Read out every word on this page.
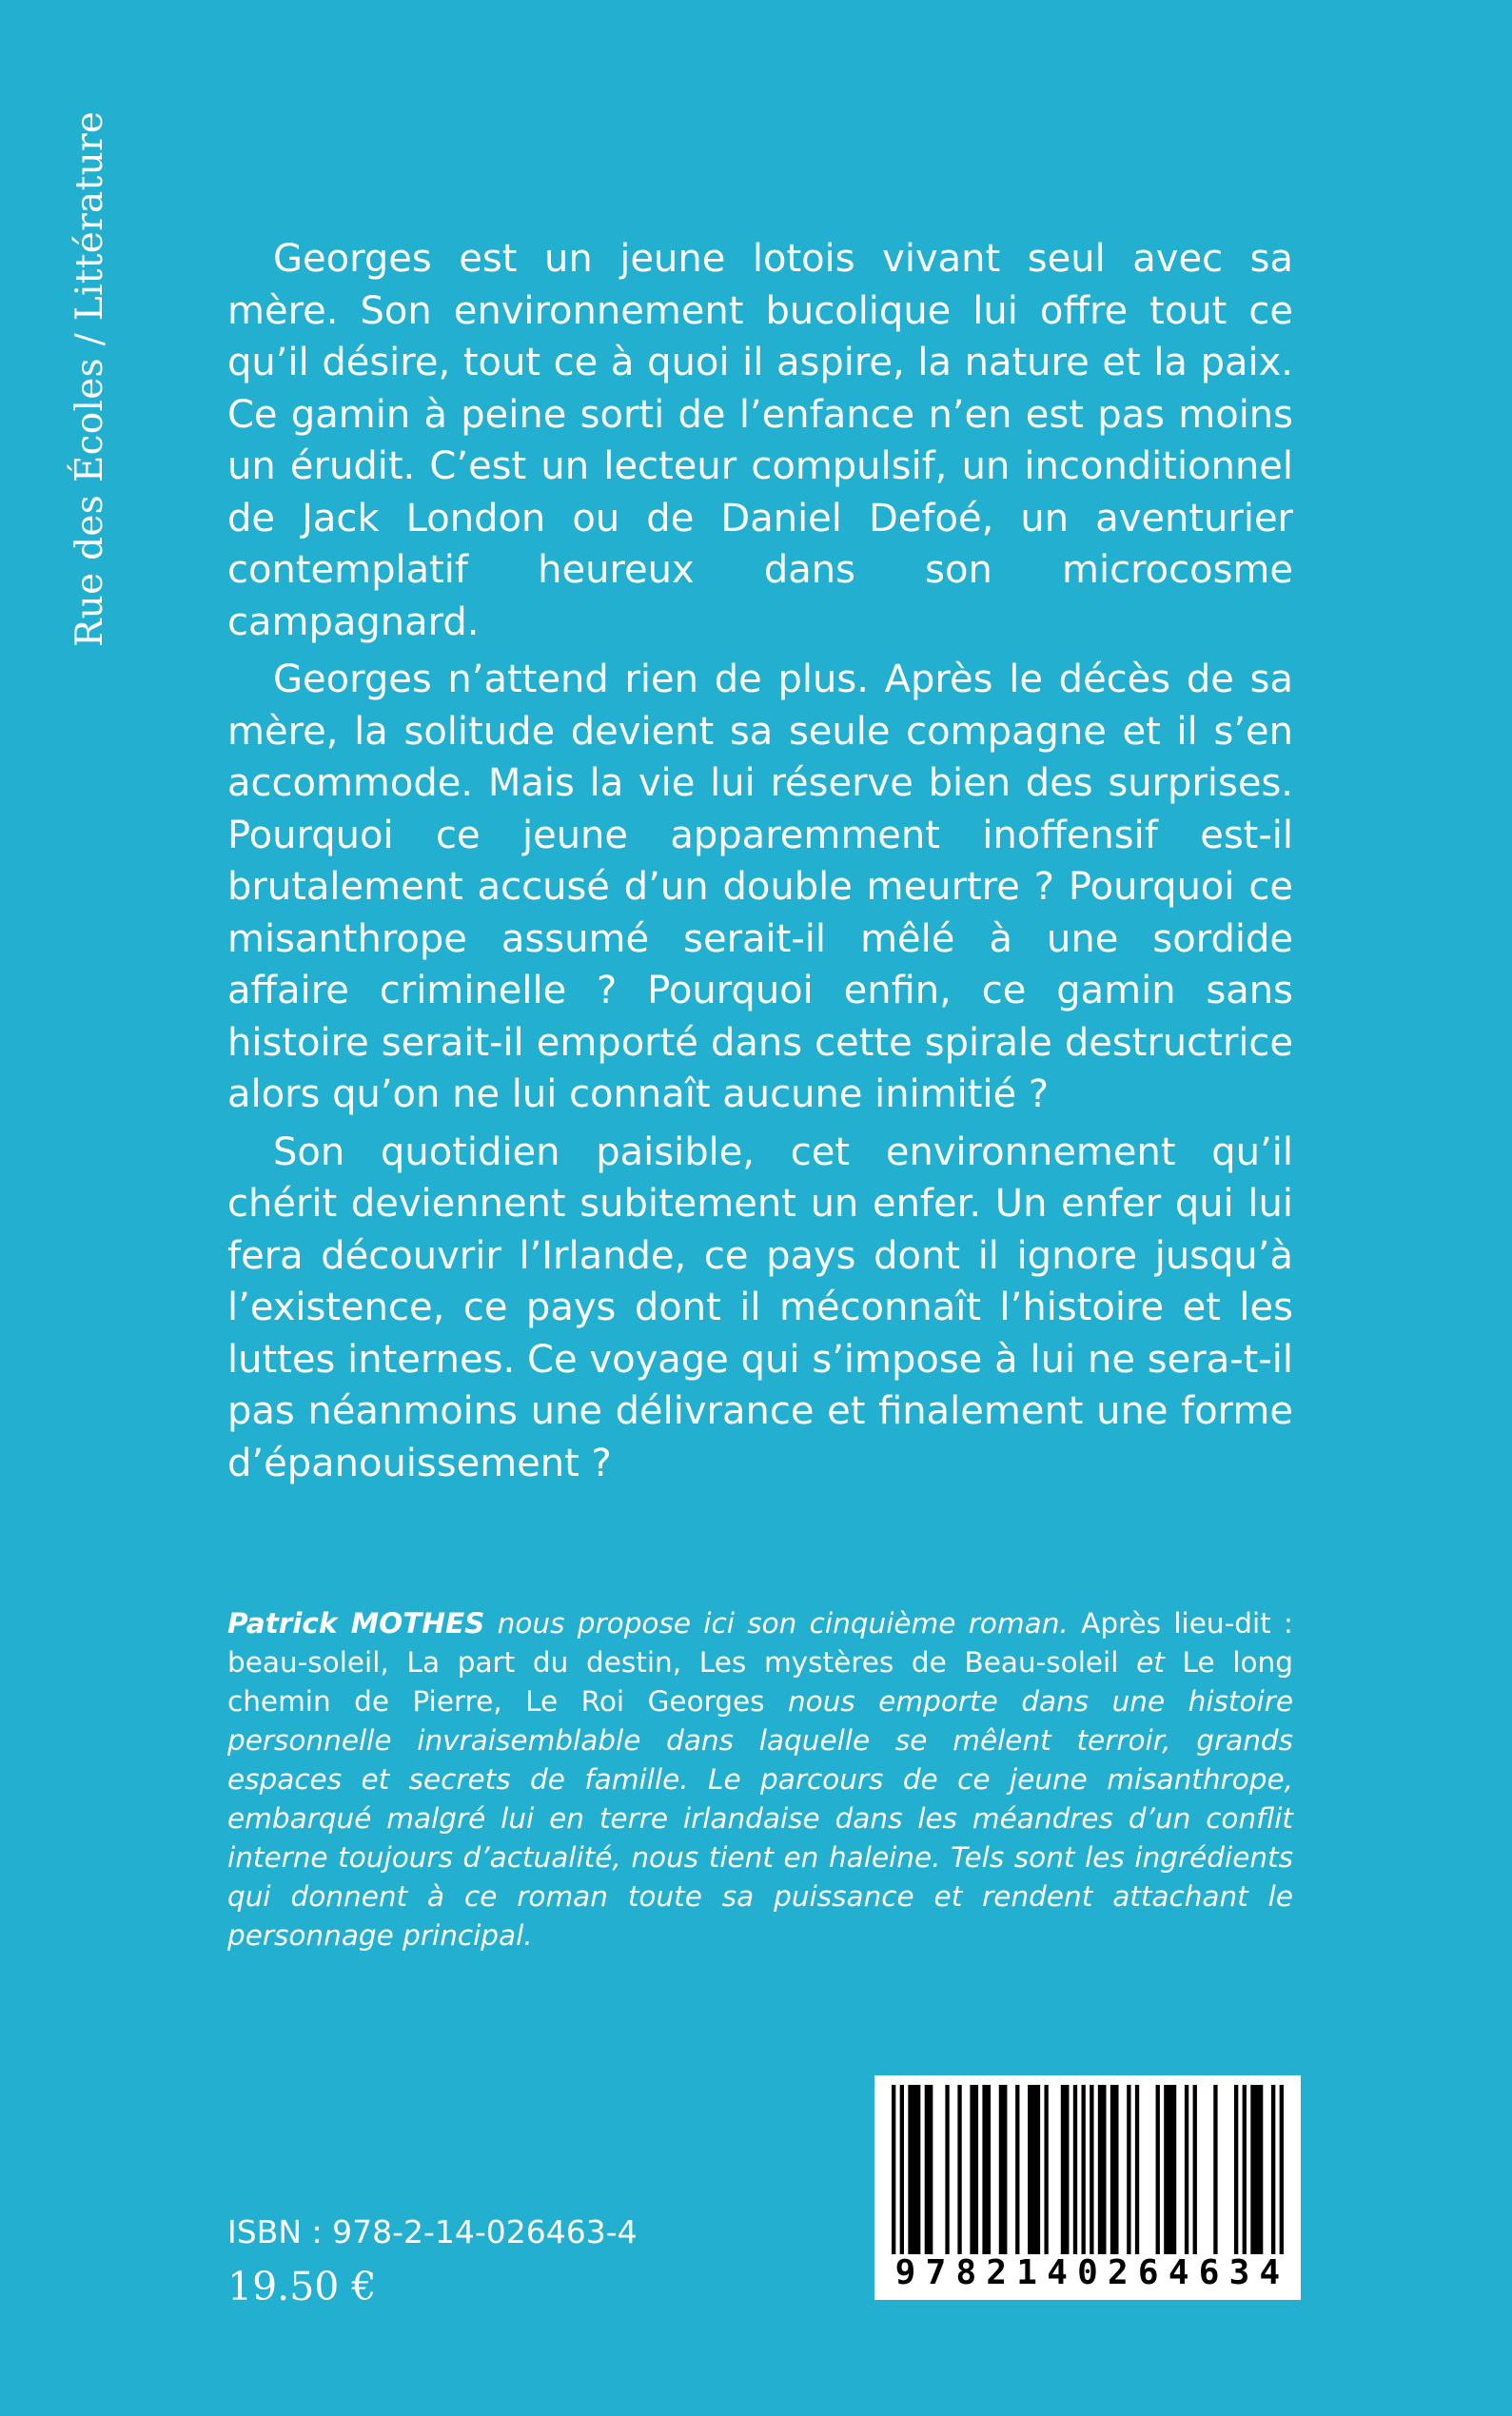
Rue des Écoles / Littérature	Georges est un jeune lotois vivant seul avec sa mère. Son environnement bucolique lui offre tout ce qu’il désire, tout ce à quoi il aspire, la nature et la paix. Ce gamin à peine sorti de l’enfance n’en est pas moins un érudit. C’est un lecteur compulsif, un inconditionnel de Jack London ou de Daniel Defoé, un aventurier contemplatif heureux dans son microcosme campagnard.

Georges n’attend rien de plus. Après le décès de sa mère, la solitude devient sa seule compagne et il s’en accommode. Mais la vie lui réserve bien des surprises. Pourquoi ce jeune apparemment inoffensif est-il brutalement accusé d’un double meurtre ? Pourquoi ce misanthrope assumé serait-il mêlé à une sordide affaire criminelle ? Pourquoi enfin, ce gamin sans histoire serait-il emporté dans cette spirale destructrice alors qu’on ne lui connaît aucune inimitié ?

Son quotidien paisible, cet environnement qu’il chérit deviennent subitement un enfer. Un enfer qui lui fera découvrir l’Irlande, ce pays dont il ignore jusqu’à l’existence, ce pays dont il méconnaît l’histoire et les luttes internes. Ce voyage qui s’impose à lui ne sera-t-il pas néanmoins une délivrance et finalement une forme d’épanouissement ?

Patrick MOTHES nous propose ici son cinquième roman. Après lieu-dit : beau-soleil, La part du destin, Les mystères de Beau-soleil et Le long chemin de Pierre, Le Roi Georges nous emporte dans une histoire personnelle invraisemblable dans laquelle se mêlent terroir, grands espaces et secrets de famille. Le parcours de ce jeune misanthrope, embarqué malgré lui en terre irlandaise dans les méandres d’un conflit interne toujours d’actualité, nous tient en haleine. Tels sont les ingrédients qui donnent à ce roman toute sa puissance et rendent attachant le personnage principal.

ISBN : 978-2-14-026463-4
19.50 €	9 7 8 2 1 4 0 2 6 4 6 3 4
